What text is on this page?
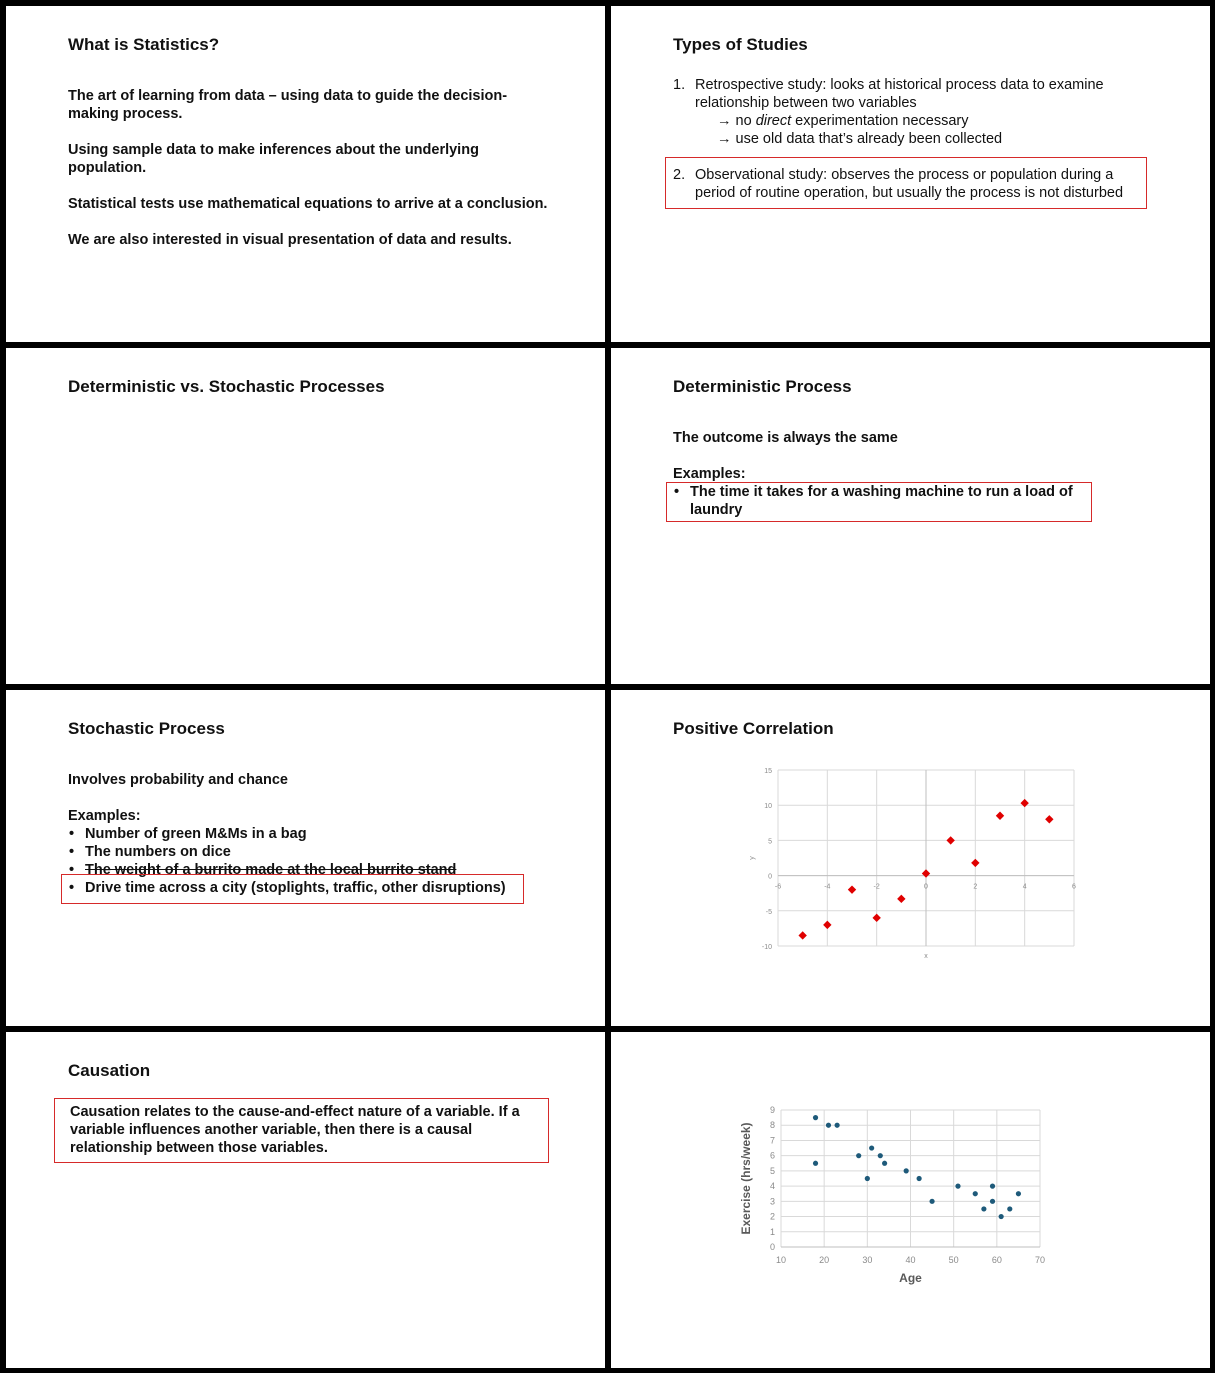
What is Statistics?

The art of learning from data – using data to guide the decision-making process.

Using sample data to make inferences about the underlying population.

Statistical tests use mathematical equations to arrive at a conclusion.

We are also interested in visual presentation of data and results.

Types of Studies
1. Retrospective study: looks at historical process data to examine relationship between two variables
→ no direct experimentation necessary
→ use old data that’s already been collected
2. Observational study: observes the process or population during a period of routine operation, but usually the process is not disturbed
Deterministic vs. Stochastic Processes	Deterministic Process

The outcome is always the same

Examples:
• The time it takes for a washing machine to run a load of laundry
Stochastic Process

Involves probability and chance

Examples:
• Number of green M&Ms in a bag
• The numbers on dice
• The weight of a burrito made at the local burrito stand
• Drive time across a city (stoplights, traffic, other disruptions)
Positive Correlation
-6	-4	-2	0	2	4	6
-10
-5
0
5
10
15
x
y
Causation
Causation relates to the cause-and-effect nature of a variable. If a variable influences another variable, then there is a causal relationship between those variables.
10	20	30	40	50	60	70
0
1
2
3
4
5
6
7
8
9
Age
Exercise (hrs/week)
